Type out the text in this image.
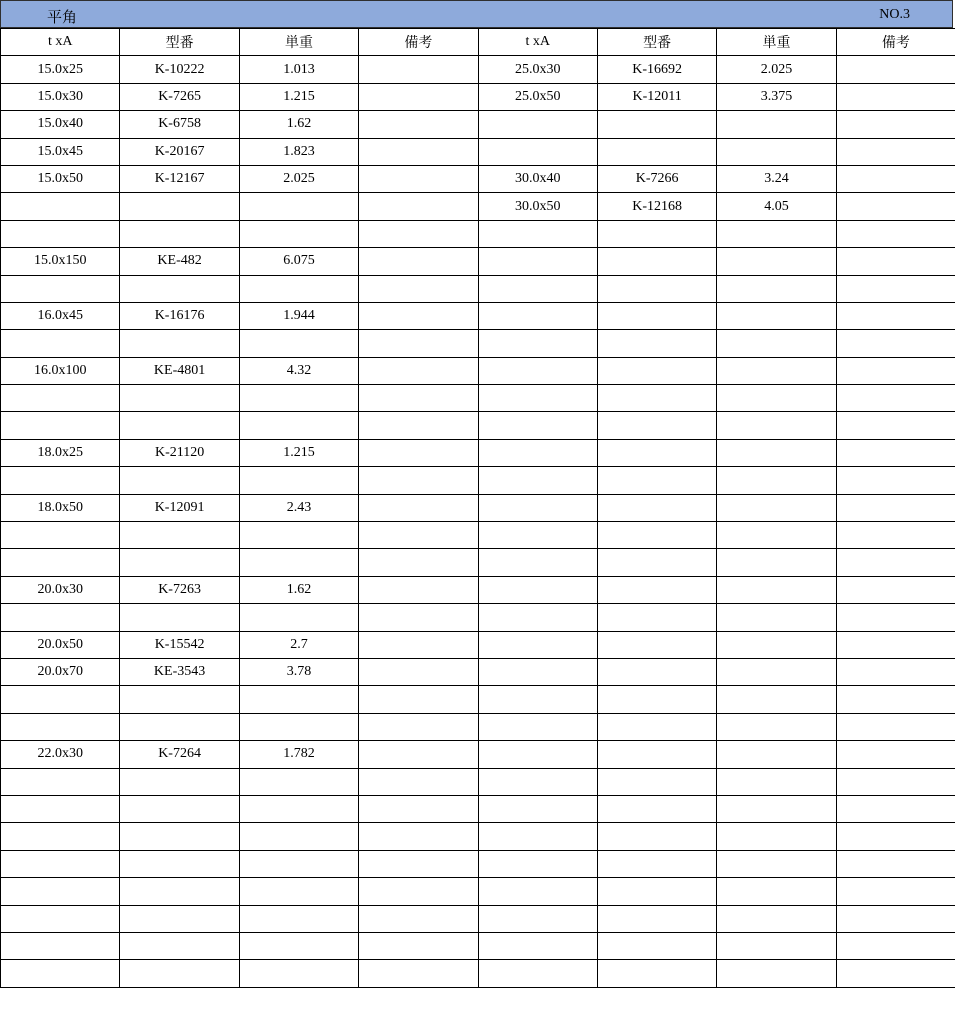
平角	NO.3
t xA	型番	単重	備考	t xA	型番	単重	備考
15.0x25	K-10222	1.013		25.0x30	K-16692	2.025	
15.0x30	K-7265	1.215		25.0x50	K-12011	3.375	
15.0x40	K-6758	1.62					
15.0x45	K-20167	1.823					
15.0x50	K-12167	2.025		30.0x40	K-7266	3.24	
				30.0x50	K-12168	4.05	

15.0x150	KE-482	6.075					

16.0x45	K-16176	1.944					

16.0x100	KE-4801	4.32					

18.0x25	K-21120	1.215					

18.0x50	K-12091	2.43					

20.0x30	K-7263	1.62					

20.0x50	K-15542	2.7					
20.0x70	KE-3543	3.78					

22.0x30	K-7264	1.782					
